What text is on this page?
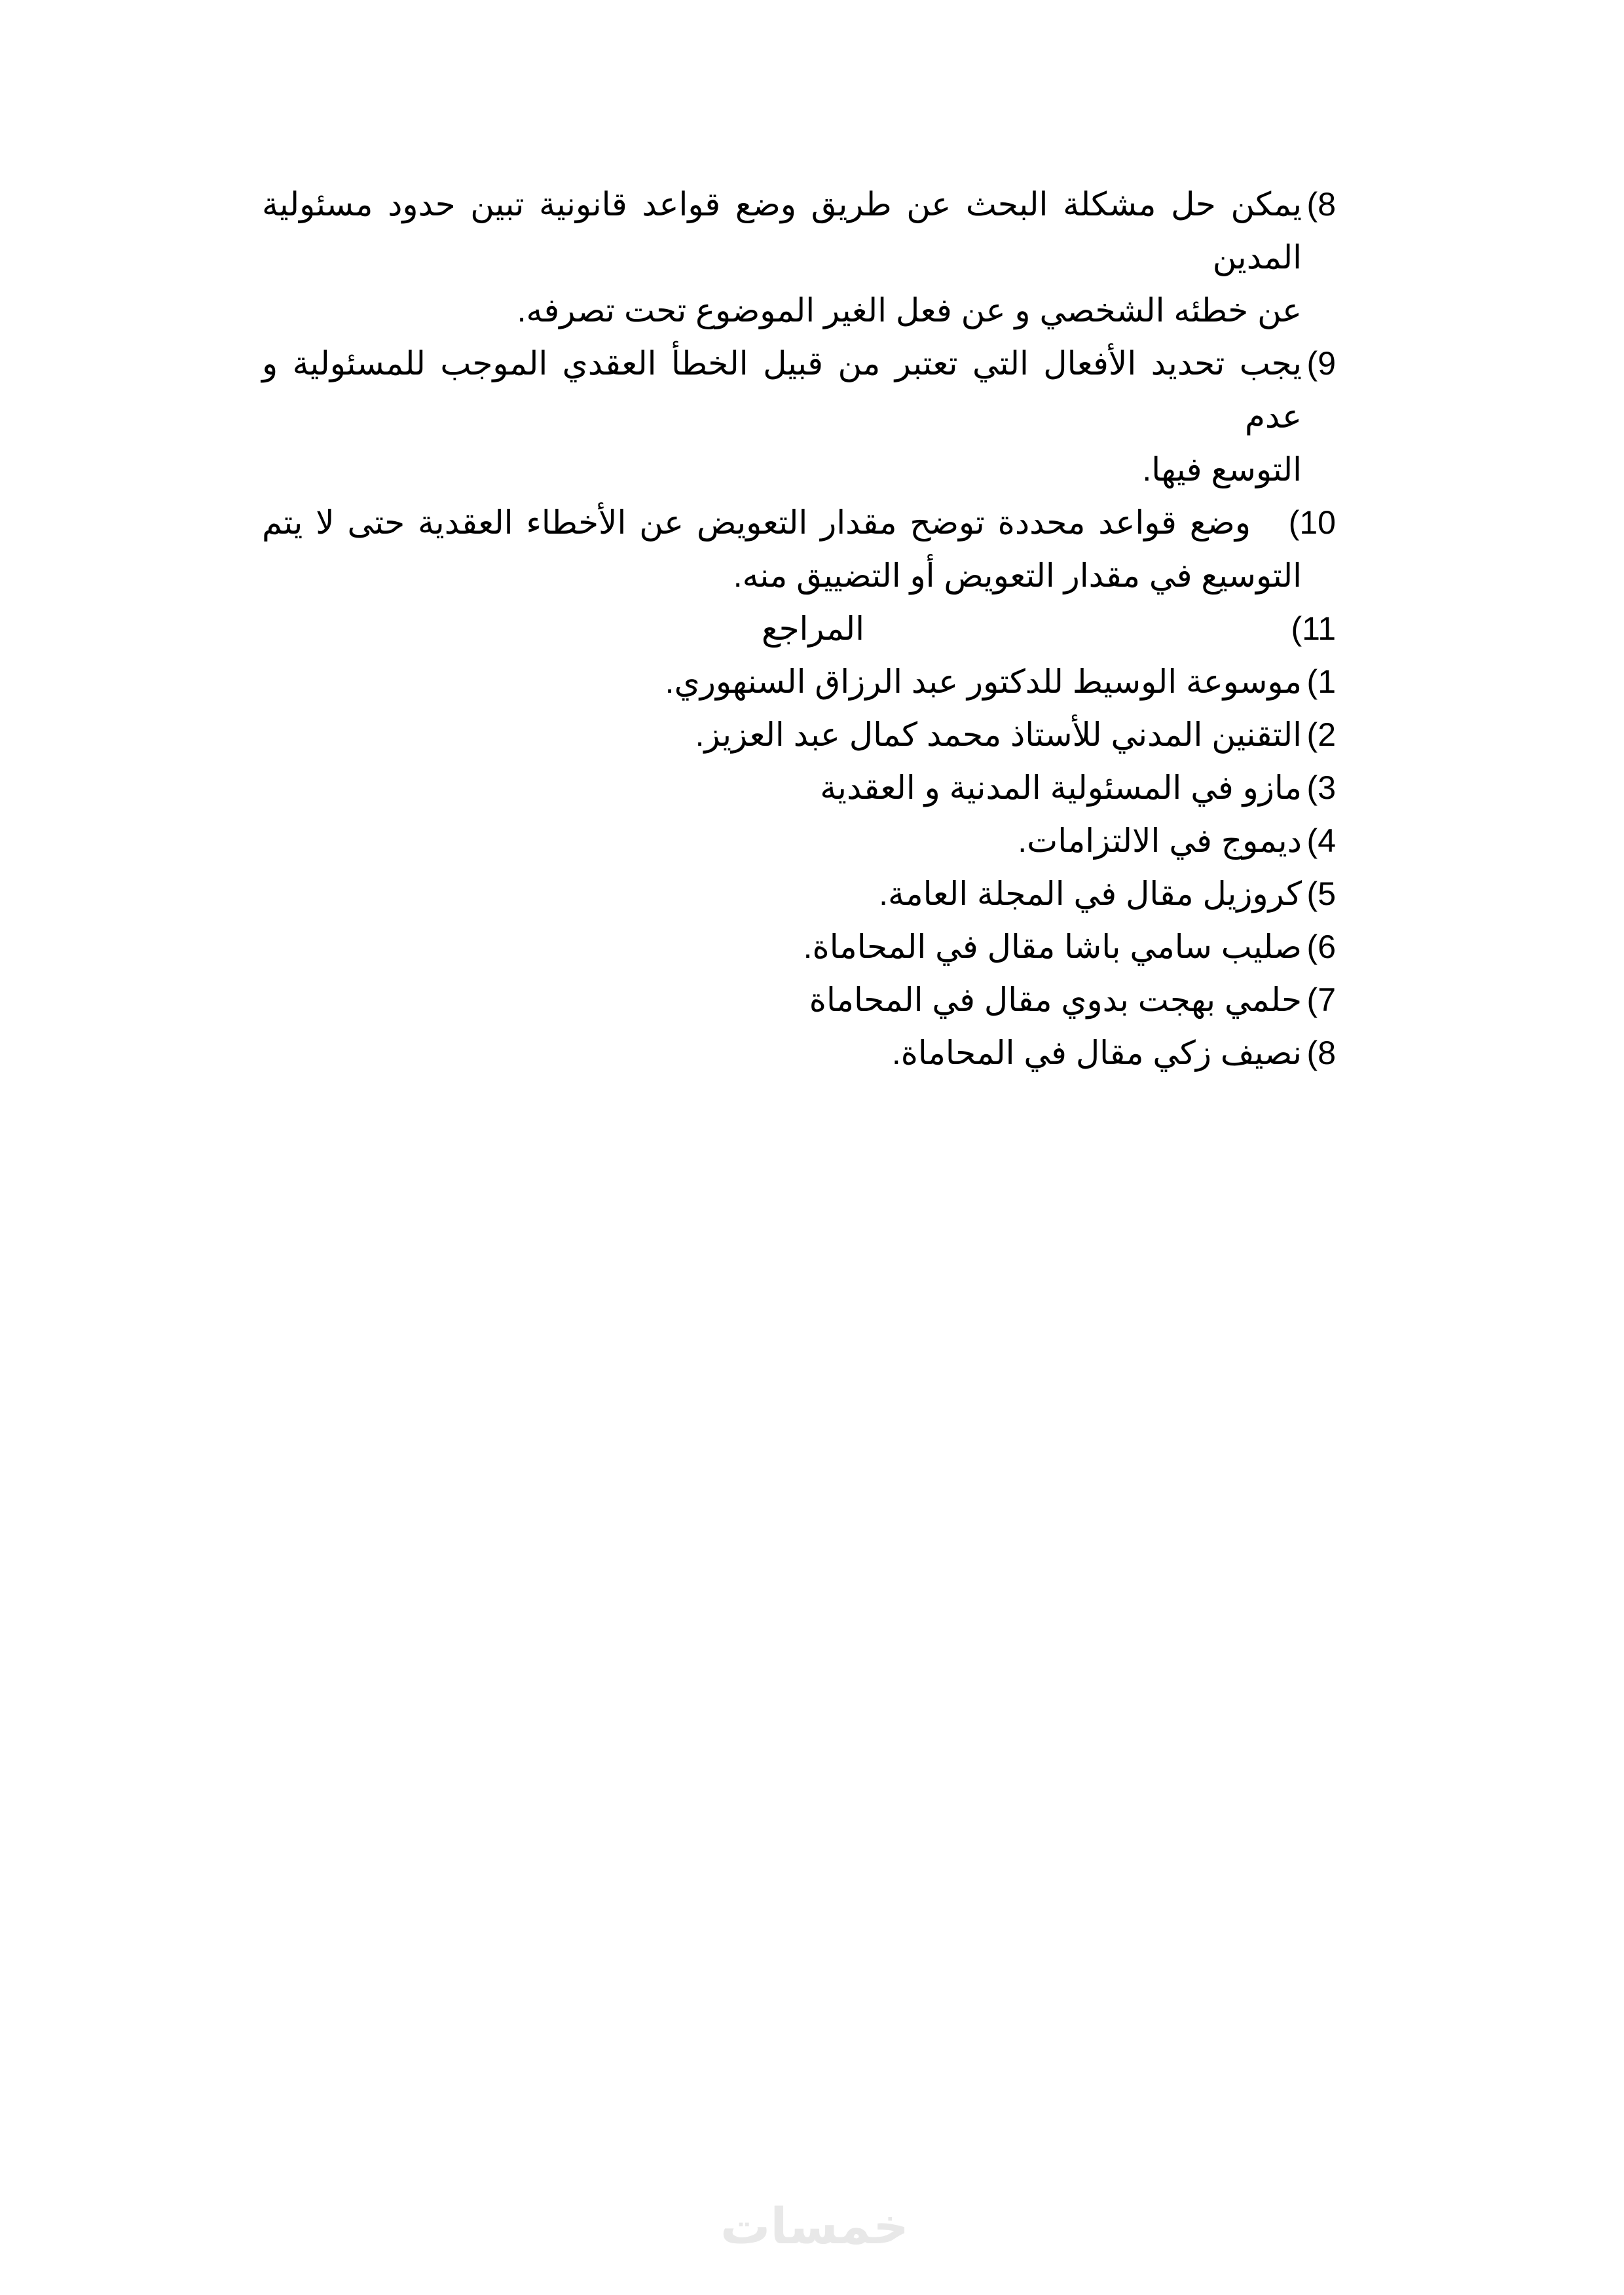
8)
يمكن حل مشكلة البحث عن طريق وضع قواعد قانونية تبين حدود مسئولية المدين
عن خطئه الشخصي و عن فعل الغير الموضوع تحت تصرفه.
9)
يجب تحديد الأفعال التي تعتبر من قبيل الخطأ العقدي الموجب للمسئولية و عدم
التوسع فيها.
10)
وضع قواعد محددة توضح مقدار التعويض عن الأخطاء العقدية حتى لا يتم
التوسيع في مقدار التعويض أو التضييق منه.
11)
المراجع
1)
موسوعة الوسيط للدكتور عبد الرزاق السنهوري.
2)
التقنين المدني للأستاذ محمد كمال عبد العزيز.
3)
مازو في المسئولية المدنية و العقدية
4)
ديموج في الالتزامات.
5)
كروزيل مقال في المجلة العامة.
6)
صليب سامي باشا مقال في المحاماة.
7)
حلمي بهجت بدوي مقال في المحاماة
8)
نصيف زكي مقال في المحاماة.
خمسات
